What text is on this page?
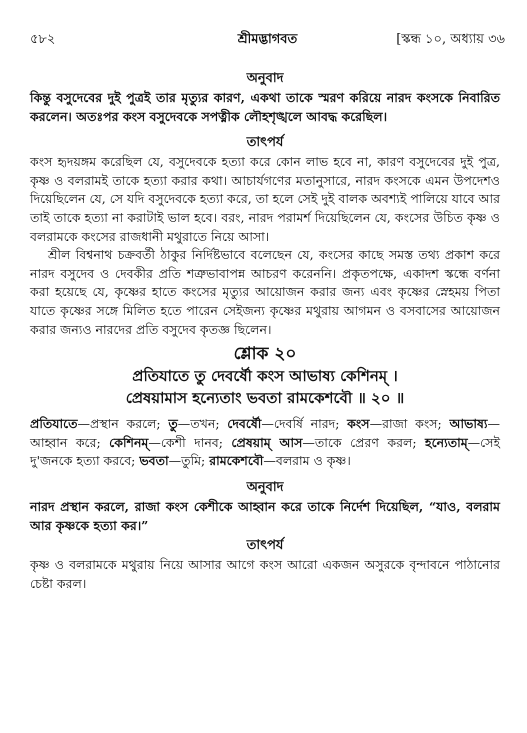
৫৮২	শ্রীমদ্ভাগবত	[স্কন্ধ ১০, অধ্যায় ৩৬
অনুবাদ

কিন্তু বসুদেবের দুই পুত্রই তার মৃত্যুর কারণ, একথা তাকে স্মরণ করিয়ে নারদ কংসকে নিবারিত করলেন। অতঃপর কংস বসুদেবকে সপত্নীক লৌহশৃঙ্খলে আবদ্ধ করেছিল।

তাৎপর্য

কংস হৃদয়ঙ্গম করেছিল যে, বসুদেবকে হত্যা করে কোন লাভ হবে না, কারণ বসুদেবের দুই পুত্র, কৃষ্ণ ও বলরামই তাকে হত্যা করার কথা। আচার্যগণের মতানুসারে, নারদ কংসকে এমন উপদেশও দিয়েছিলেন যে, সে যদি বসুদেবকে হত্যা করে, তা হলে সেই দুই বালক অবশ্যই পালিয়ে যাবে আর তাই তাকে হত্যা না করাটাই ভাল হবে। বরং, নারদ পরামর্শ দিয়েছিলেন যে, কংসের উচিত কৃষ্ণ ও বলরামকে কংসের রাজধানী মথুরাতে নিয়ে আসা।

শ্রীল বিশ্বনাথ চক্রবর্তী ঠাকুর নির্দিষ্টভাবে বলেছেন যে, কংসের কাছে সমস্ত তথ্য প্রকাশ করে নারদ বসুদেব ও দেবকীর প্রতি শত্রুভাবাপন্ন আচরণ করেননি। প্রকৃতপক্ষে, একাদশ স্কন্ধে বর্ণনা করা হয়েছে যে, কৃষ্ণের হাতে কংসের মৃত্যুর আয়োজন করার জন্য এবং কৃষ্ণের স্নেহময় পিতা যাতে কৃষ্ণের সঙ্গে মিলিত হতে পারেন সেইজন্য কৃষ্ণের মথুরায় আগমন ও বসবাসের আয়োজন করার জন্যও নারদের প্রতি বসুদেব কৃতজ্ঞ ছিলেন।

শ্লোক ২০
প্রতিযাতে তু দেবর্ষৌ কংস আভাষ্য কেশিনম্ ।
প্রেষয়ামাস হন্যেতাং ভবতা রামকেশবৌ ॥ ২০ ॥

প্রতিযাতে—প্রস্থান করলে; তু—তখন; দেবর্ষৌ—দেবর্ষি নারদ; কংস—রাজা কংস; আভাষ্য—আহ্বান করে; কেশিনম্—কেশী দানব; প্রেষয়াম্ আস—তাকে প্রেরণ করল; হন্যেতাম্—সেই দু'জনকে হত্যা করবে; ভবতা—তুমি; রামকেশবৌ—বলরাম ও কৃষ্ণ।

অনুবাদ

নারদ প্রস্থান করলে, রাজা কংস কেশীকে আহ্বান করে তাকে নির্দেশ দিয়েছিল, “যাও, বলরাম আর কৃষ্ণকে হত্যা কর।”

তাৎপর্য

কৃষ্ণ ও বলরামকে মথুরায় নিয়ে আসার আগে কংস আরো একজন অসুরকে বৃন্দাবনে পাঠানোর চেষ্টা করল।
